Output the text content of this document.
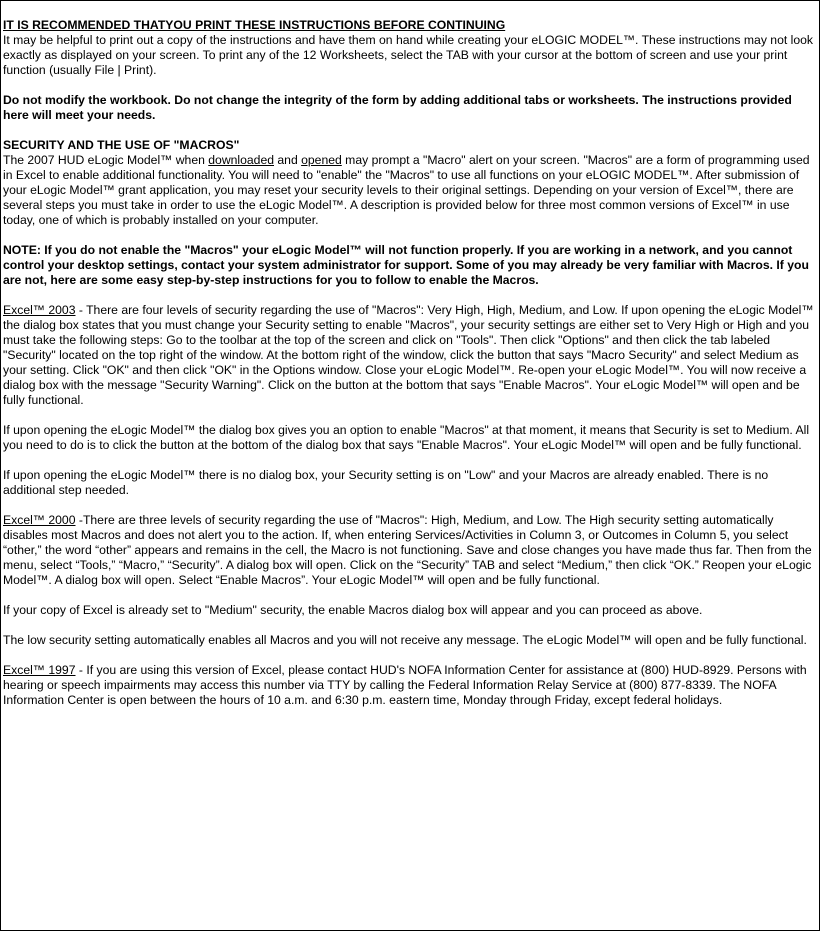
IT IS RECOMMENDED THATYOU PRINT THESE INSTRUCTIONS BEFORE CONTINUING
It may be helpful to print out a copy of the instructions and have them on hand while creating your eLOGIC MODEL™. These instructions may not look exactly as displayed on your screen. To print any of the 12 Worksheets, select the TAB with your cursor at the bottom of screen and use your print function (usually File | Print).

Do not modify the workbook. Do not change the integrity of the form by adding additional tabs or worksheets. The instructions provided here will meet your needs.

SECURITY AND THE USE OF "MACROS"
The 2007 HUD eLogic Model™ when downloaded and opened may prompt a "Macro" alert on your screen. "Macros" are a form of programming used in Excel to enable additional functionality. You will need to "enable" the "Macros" to use all functions on your eLOGIC MODEL™. After submission of your eLogic Model™ grant application, you may reset your security levels to their original settings. Depending on your version of Excel™, there are several steps you must take in order to use the eLogic Model™. A description is provided below for three most common versions of Excel™ in use today, one of which is probably installed on your computer.

NOTE: If you do not enable the "Macros" your eLogic Model™ will not function properly. If you are working in a network, and you cannot control your desktop settings, contact your system administrator for support. Some of you may already be very familiar with Macros. If you are not, here are some easy step-by-step instructions for you to follow to enable the Macros.

Excel™ 2003 - There are four levels of security regarding the use of "Macros": Very High, High, Medium, and Low. If upon opening the eLogic Model™ the dialog box states that you must change your Security setting to enable "Macros", your security settings are either set to Very High or High and you must take the following steps: Go to the toolbar at the top of the screen and click on "Tools". Then click "Options" and then click the tab labeled "Security" located on the top right of the window. At the bottom right of the window, click the button that says "Macro Security" and select Medium as your setting. Click "OK" and then click "OK" in the Options window. Close your eLogic Model™. Re-open your eLogic Model™. You will now receive a dialog box with the message "Security Warning". Click on the button at the bottom that says "Enable Macros". Your eLogic Model™ will open and be fully functional.

If upon opening the eLogic Model™ the dialog box gives you an option to enable "Macros" at that moment, it means that Security is set to Medium. All you need to do is to click the button at the bottom of the dialog box that says "Enable Macros". Your eLogic Model™ will open and be fully functional.

If upon opening the eLogic Model™ there is no dialog box, your Security setting is on "Low" and your Macros are already enabled. There is no additional step needed.

Excel™ 2000 -There are three levels of security regarding the use of "Macros": High, Medium, and Low. The High security setting automatically disables most Macros and does not alert you to the action. If, when entering Services/Activities in Column 3, or Outcomes in Column 5, you select “other,” the word “other” appears and remains in the cell, the Macro is not functioning. Save and close changes you have made thus far. Then from the menu, select “Tools,” “Macro,” “Security”. A dialog box will open. Click on the “Security” TAB and select “Medium,” then click “OK.” Reopen your eLogic Model™. A dialog box will open. Select “Enable Macros”. Your eLogic Model™ will open and be fully functional.

If your copy of Excel is already set to "Medium" security, the enable Macros dialog box will appear and you can proceed as above.

The low security setting automatically enables all Macros and you will not receive any message. The eLogic Model™ will open and be fully functional.

Excel™ 1997 - If you are using this version of Excel, please contact HUD's NOFA Information Center for assistance at (800) HUD-8929. Persons with hearing or speech impairments may access this number via TTY by calling the Federal Information Relay Service at (800) 877-8339. The NOFA Information Center is open between the hours of 10 a.m. and 6:30 p.m. eastern time, Monday through Friday, except federal holidays.
